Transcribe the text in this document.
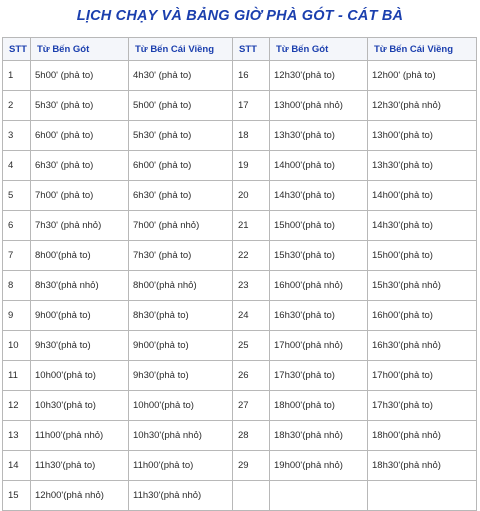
LỊCH CHẠY VÀ BẢNG GIỜ PHÀ GÓT - CÁT BÀ
STT	Từ Bến Gót	Từ Bến Cái Viềng	STT	Từ Bến Gót	Từ Bến Cái Viềng
1	5h00' (phả to)	4h30' (phả to)	16	12h30'(phả to)	12h00' (phả to)
2	5h30' (phả to)	5h00' (phả to)	17	13h00'(phả nhỏ)	12h30'(phả nhỏ)
3	6h00' (phả to)	5h30' (phả to)	18	13h30'(phả to)	13h00'(phả to)
4	6h30' (phả to)	6h00' (phả to)	19	14h00'(phả to)	13h30'(phả to)
5	7h00' (phả to)	6h30' (phả to)	20	14h30'(phả to)	14h00'(phả to)
6	7h30' (phả nhỏ)	7h00' (phả nhỏ)	21	15h00'(phả to)	14h30'(phả to)
7	8h00'(phả to)	7h30' (phả to)	22	15h30'(phả to)	15h00'(phả to)
8	8h30'(phả nhỏ)	8h00'(phả nhỏ)	23	16h00'(phả nhỏ)	15h30'(phả nhỏ)
9	9h00'(phả to)	8h30'(phả to)	24	16h30'(phả to)	16h00'(phả to)
10	9h30'(phả to)	9h00'(phả to)	25	17h00'(phả nhỏ)	16h30'(phả nhỏ)
11	10h00'(phả to)	9h30'(phả to)	26	17h30'(phả to)	17h00'(phả to)
12	10h30'(phả to)	10h00'(phả to)	27	18h00'(phả to)	17h30'(phả to)
13	11h00'(phả nhỏ)	10h30'(phả nhỏ)	28	18h30'(phả nhỏ)	18h00'(phả nhỏ)
14	11h30'(phả to)	11h00'(phả to)	29	19h00'(phả nhỏ)	18h30'(phả nhỏ)
15	12h00'(phả nhỏ)	11h30'(phả nhỏ)			
